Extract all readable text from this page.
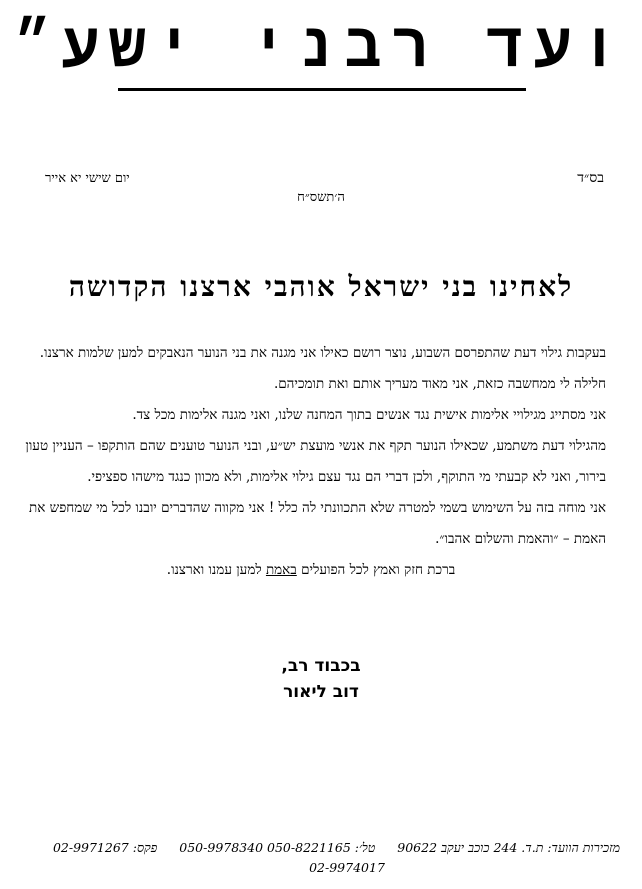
ועד רבני ישע״
בס״ד
יום שישי יא אייר
ה׳תשס״ח
לאחינו בני ישראל אוהבי ארצנו הקדושה

בעקבות גילוי דעת שהתפרסם השבוע, נוצר רושם כאילו אני מגנה את בני הנוער הנאבקים למען שלמות ארצנו. חלילה לי ממחשבה כזאת, אני מאוד מעריך אותם ואת תומכיהם.

אני מסתייג מגילויי אלימות אישית נגד אנשים בתוך המחנה שלנו, ואני מגנה אלימות מכל צד.

מהגילוי דעת משתמע, שכאילו הנוער תקף את אנשי מועצת יש״ע, ובני הנוער טוענים שהם הותקפו – העניין טעון בירור, ואני לא קבעתי מי התוקף, ולכן דברי הם נגד עצם גילוי אלימות, ולא מכוון כנגד מישהו ספציפי.

אני מוחה בזה על השימוש בשמי למטרה שלא התכוונתי לה כלל ! אני מקווה שהדברים יובנו לכל מי שמחפש את האמת – ״והאמת והשלום אהבו״.

ברכת חזק ואמץ לכל הפועלים באמת למען עמנו וארצנו.

בכבוד רב,
דוב ליאור
מזכירות הוועד: ת.ד. 244 כוכב יעקב 90622 טל׳: 050-9978340 050-8221165 פקס: 02-9971267
02-9974017
